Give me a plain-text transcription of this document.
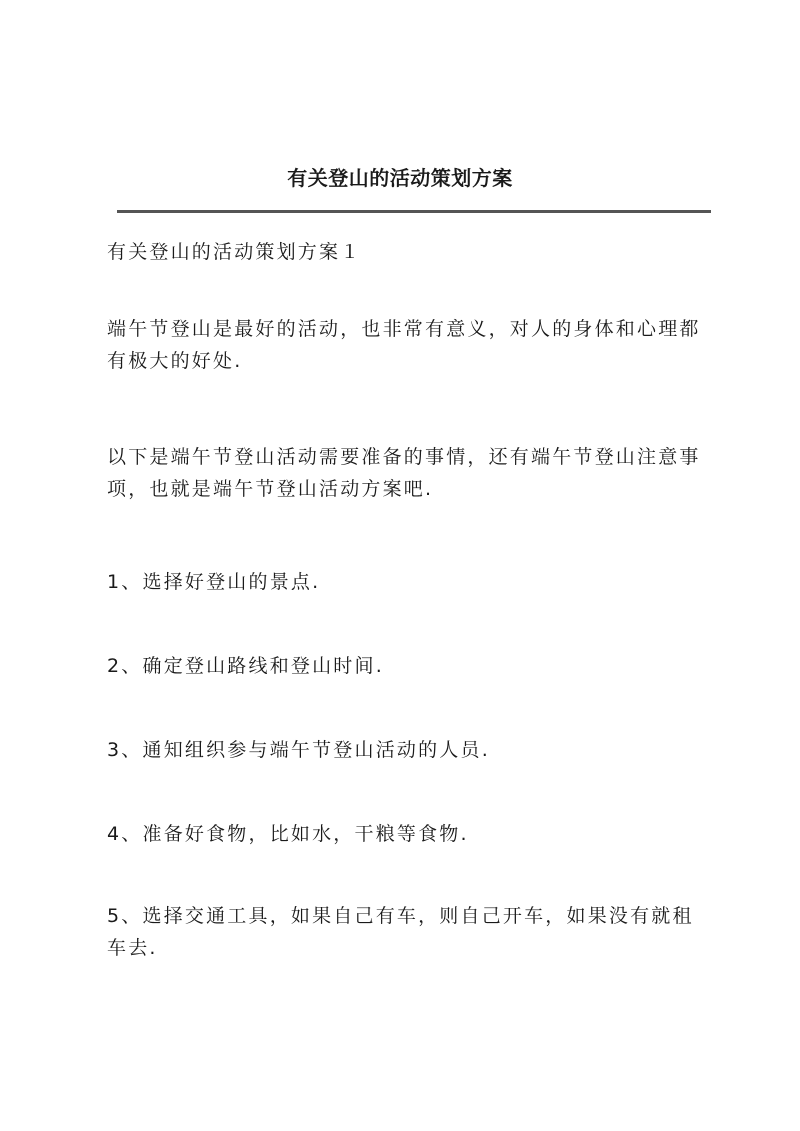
有关登山的活动策划方案
有关登山的活动策划方案１
端午节登山是最好的活动，也非常有意义，对人的身体和心理都有极大的好处.
以下是端午节登山活动需要准备的事情，还有端午节登山注意事项，也就是端午节登山活动方案吧.
1、选择好登山的景点.
2、确定登山路线和登山时间.
3、通知组织参与端午节登山活动的人员.
4、准备好食物，比如水，干粮等食物.
5、选择交通工具，如果自己有车，则自己开车，如果没有就租车去.
